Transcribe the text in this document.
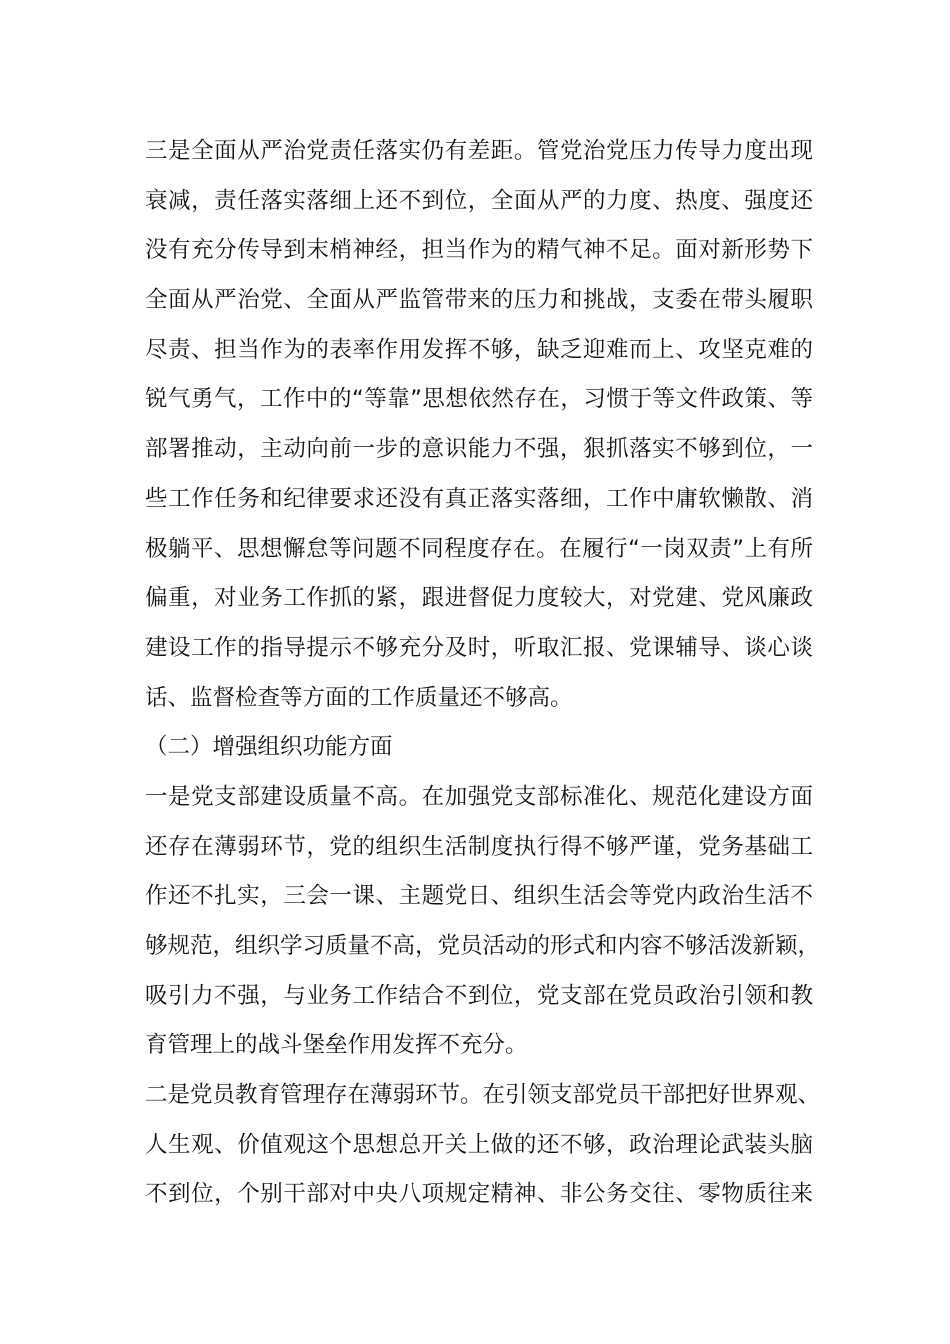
三是全面从严治党责任落实仍有差距。管党治党压力传导力度出现
衰减，责任落实落细上还不到位，全面从严的力度、热度、强度还
没有充分传导到末梢神经，担当作为的精气神不足。面对新形势下
全面从严治党、全面从严监管带来的压力和挑战，支委在带头履职
尽责、担当作为的表率作用发挥不够，缺乏迎难而上、攻坚克难的
锐气勇气，工作中的“等靠”思想依然存在，习惯于等文件政策、等
部署推动，主动向前一步的意识能力不强，狠抓落实不够到位，一
些工作任务和纪律要求还没有真正落实落细，工作中庸软懒散、消
极躺平、思想懈怠等问题不同程度存在。在履行“一岗双责”上有所
偏重，对业务工作抓的紧，跟进督促力度较大，对党建、党风廉政
建设工作的指导提示不够充分及时，听取汇报、党课辅导、谈心谈
话、监督检查等方面的工作质量还不够高。
（二）增强组织功能方面
一是党支部建设质量不高。在加强党支部标准化、规范化建设方面
还存在薄弱环节，党的组织生活制度执行得不够严谨，党务基础工
作还不扎实，三会一课、主题党日、组织生活会等党内政治生活不
够规范，组织学习质量不高，党员活动的形式和内容不够活泼新颖，
吸引力不强，与业务工作结合不到位，党支部在党员政治引领和教
育管理上的战斗堡垒作用发挥不充分。
二是党员教育管理存在薄弱环节。在引领支部党员干部把好世界观、
人生观、价值观这个思想总开关上做的还不够，政治理论武装头脑
不到位，个别干部对中央八项规定精神、非公务交往、零物质往来
